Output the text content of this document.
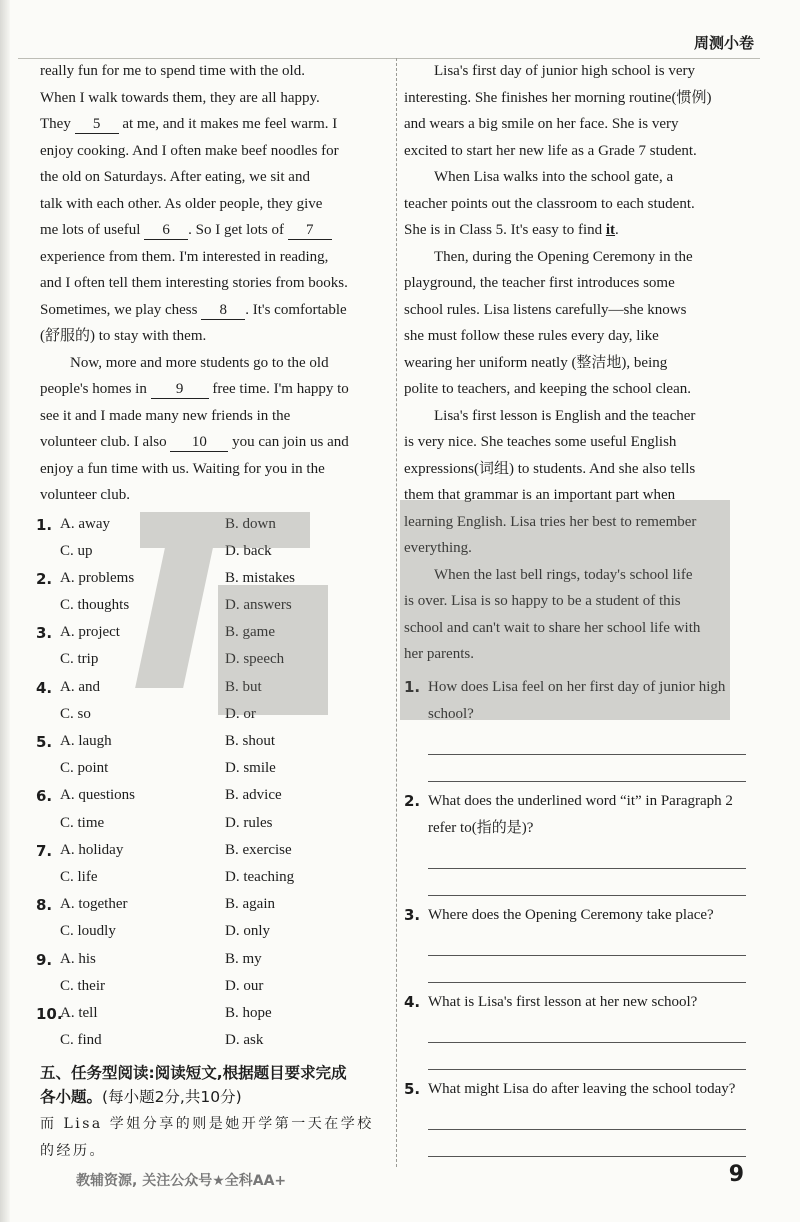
周测小卷

really fun for me to spend time with the old.

When I walk towards them, they are all happy.

They 5 at me, and it makes me feel warm. I

enjoy cooking. And I often make beef noodles for

the old on Saturdays. After eating, we sit and

talk with each other. As older people, they give

me lots of useful 6 . So I get lots of 7

experience from them. I'm interested in reading,

and I often tell them interesting stories from books.

Sometimes, we play chess 8 . It's comfortable

(舒服的) to stay with them.

Now, more and more students go to the old

people's homes in 9 free time. I'm happy to

see it and I made many new friends in the

volunteer club. I also 10 you can join us and

enjoy a fun time with us. Waiting for you in the

volunteer club.

1. A. away	B. down
C. up	D. back
2. A. problems	B. mistakes
C. thoughts	D. answers
3. A. project	B. game
C. trip	D. speech
4. A. and	B. but
C. so	D. or
5. A. laugh	B. shout
C. point	D. smile
6. A. questions	B. advice
C. time	D. rules
7. A. holiday	B. exercise
C. life	D. teaching
8. A. together	B. again
C. loudly	D. only
9. A. his	B. my
C. their	D. our
10.
A. tell	B. hope
C. find	D. ask
五、任务型阅读:阅读短文,根据题目要求完成
各小题。(每小题2分,共10分)
而 Lisa 学姐分享的则是她开学第一天在学校
的经历。

Lisa's first day of junior high school is very

interesting. She finishes her morning routine(惯例)

and wears a big smile on her face. She is very

excited to start her new life as a Grade 7 student.

When Lisa walks into the school gate, a

teacher points out the classroom to each student.

She is in Class 5. It's easy to find it.

Then, during the Opening Ceremony in the

playground, the teacher first introduces some

school rules. Lisa listens carefully—she knows

she must follow these rules every day, like

wearing her uniform neatly (整洁地), being

polite to teachers, and keeping the school clean.

Lisa's first lesson is English and the teacher

is very nice. She teaches some useful English

expressions(词组) to students. And she also tells

them that grammar is an important part when

learning English. Lisa tries her best to remember

everything.

When the last bell rings, today's school life

is over. Lisa is so happy to be a student of this

school and can't wait to share her school life with

her parents.

1. How does Lisa feel on her first day of junior high school?
2. What does the underlined word “it” in Paragraph 2 refer to(指的是)?
3. Where does the Opening Ceremony take place?
4. What is Lisa's first lesson at her new school?
5. What might Lisa do after leaving the school today?
教辅资源, 关注公众号★全科AA+	9
